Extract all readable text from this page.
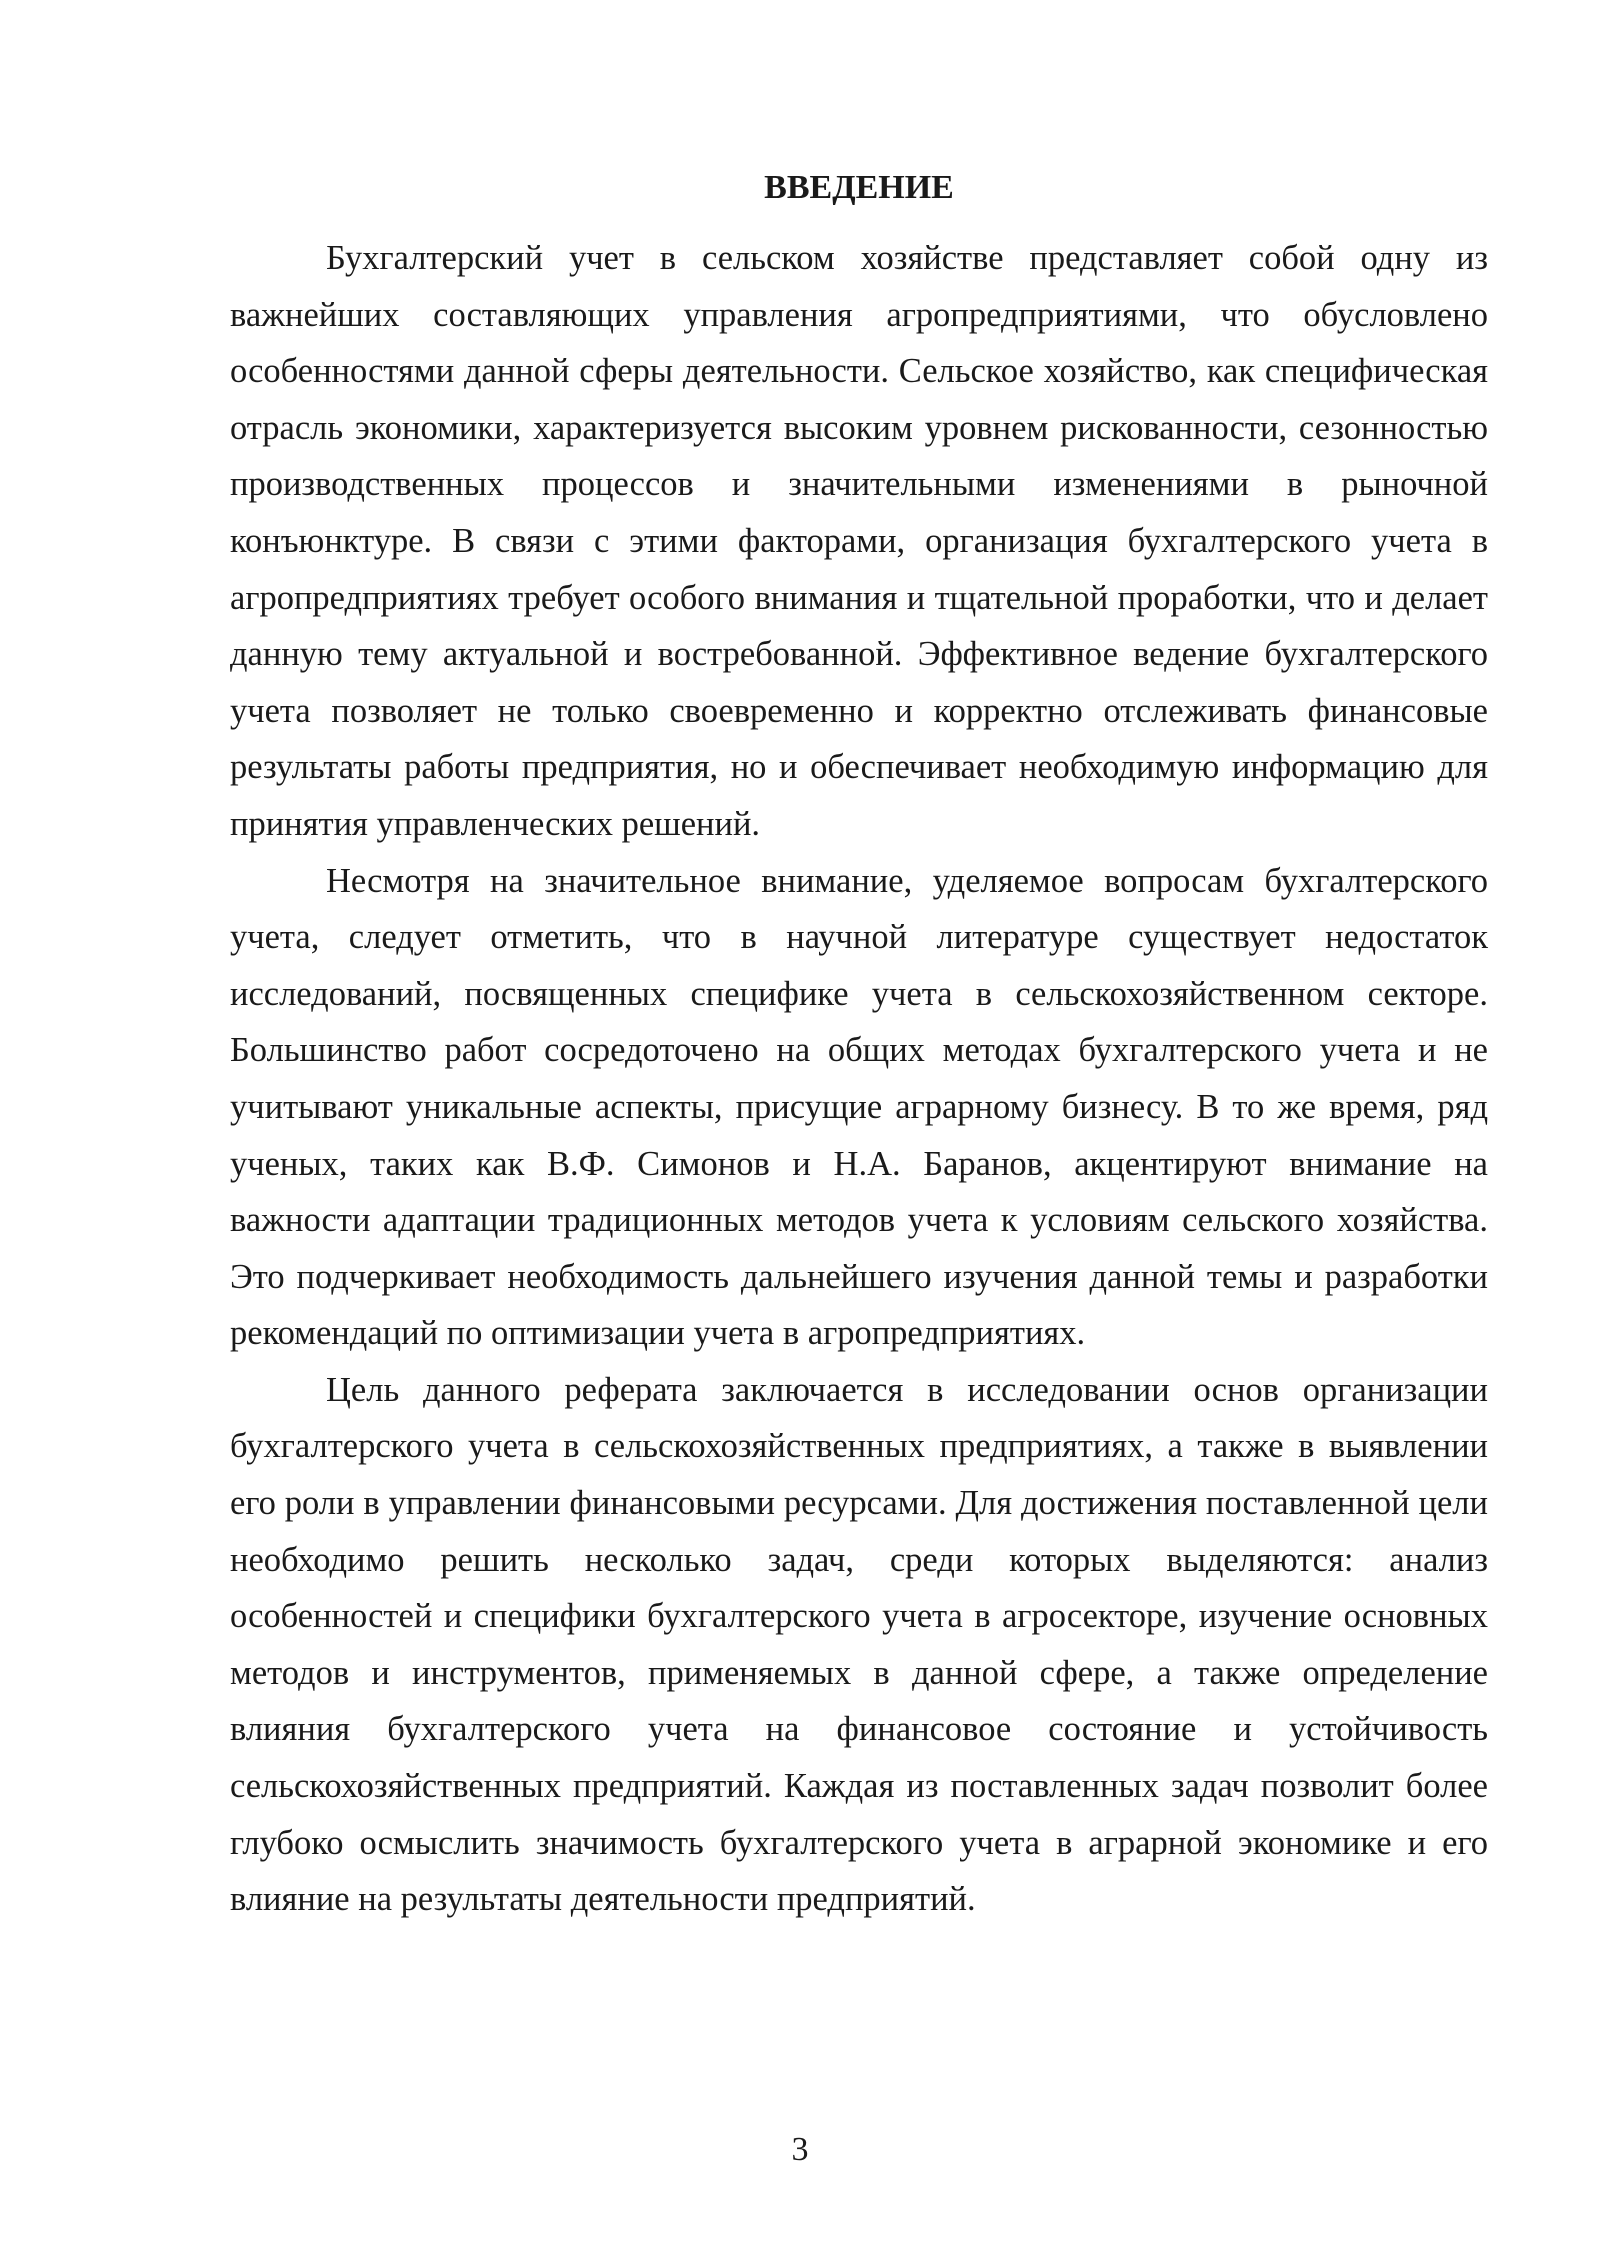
ВВЕДЕНИЕ

Бухгалтерский учет в сельском хозяйстве представляет собой одну из важнейших составляющих управления агропредприятиями, что обусловлено особенностями данной сферы деятельности. Сельское хозяйство, как специфическая отрасль экономики, характеризуется высоким уровнем рискованности, сезонностью производственных процессов и значительными изменениями в рыночной конъюнктуре. В связи с этими факторами, организация бухгалтерского учета в агропредприятиях требует особого внимания и тщательной проработки, что и делает данную тему актуальной и востребованной. Эффективное ведение бухгалтерского учета позволяет не только своевременно и корректно отслеживать финансовые результаты работы предприятия, но и обеспечивает необходимую информацию для принятия управленческих решений.

Несмотря на значительное внимание, уделяемое вопросам бухгалтерского учета, следует отметить, что в научной литературе существует недостаток исследований, посвященных специфике учета в сельскохозяйственном секторе. Большинство работ сосредоточено на общих методах бухгалтерского учета и не учитывают уникальные аспекты, присущие аграрному бизнесу. В то же время, ряд ученых, таких как В.Ф. Симонов и Н.А. Баранов, акцентируют внимание на важности адаптации традиционных методов учета к условиям сельского хозяйства. Это подчеркивает необходимость дальнейшего изучения данной темы и разработки рекомендаций по оптимизации учета в агропредприятиях.

Цель данного реферата заключается в исследовании основ организации бухгалтерского учета в сельскохозяйственных предприятиях, а также в выявлении его роли в управлении финансовыми ресурсами. Для достижения поставленной цели необходимо решить несколько задач, среди которых выделяются: анализ особенностей и специфики бухгалтерского учета в агросекторе, изучение основных методов и инструментов, применяемых в данной сфере, а также определение влияния бухгалтерского учета на финансовое состояние и устойчивость сельскохозяйственных предприятий. Каждая из поставленных задач позволит более глубоко осмыслить значимость бухгалтерского учета в аграрной экономике и его влияние на результаты деятельности предприятий.

3
